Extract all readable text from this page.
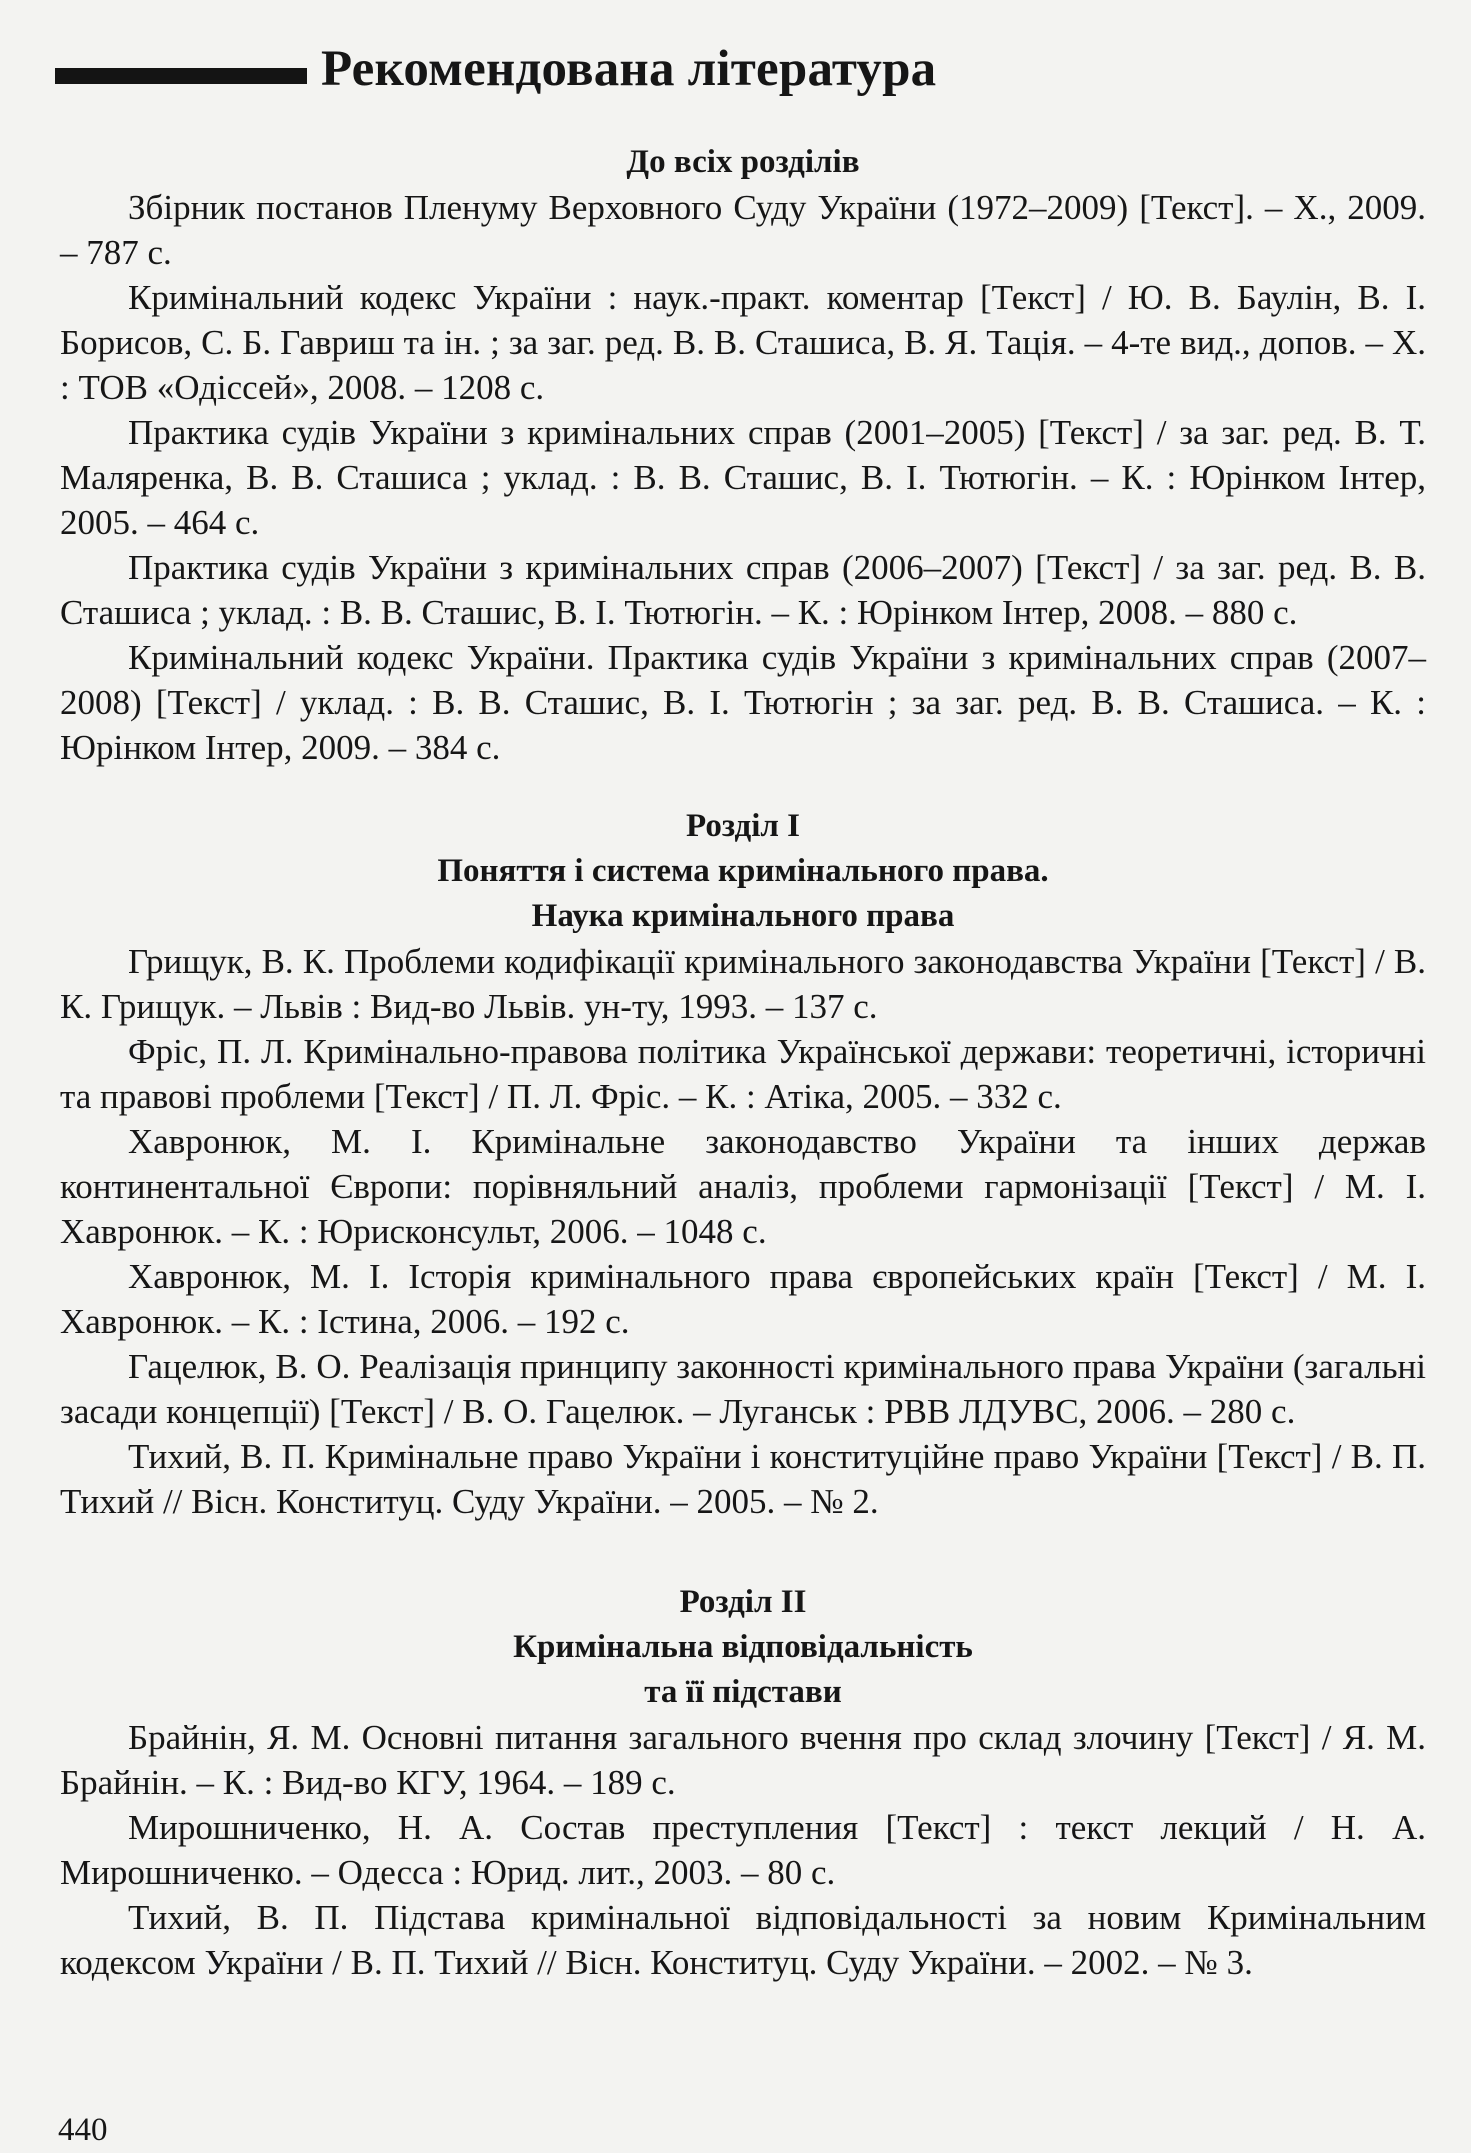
Рекомендована література
До всіх розділів

Збірник постанов Пленуму Верховного Суду України (1972–2009) [Текст]. – Х., 2009. – 787 с.

Кримінальний кодекс України : наук.-практ. коментар [Текст] / Ю. В. Баулін, В. І. Борисов, С. Б. Гавриш та ін. ; за заг. ред. В. В. Сташиса, В. Я. Тація. – 4-те вид., допов. – Х. : ТОВ «Одіссей», 2008. – 1208 с.

Практика судів України з кримінальних справ (2001–2005) [Текст] / за заг. ред. В. Т. Маляренка, В. В. Сташиса ; уклад. : В. В. Сташис, В. І. Тютюгін. – К. : Юрінком Інтер, 2005. – 464 с.

Практика судів України з кримінальних справ (2006–2007) [Текст] / за заг. ред. В. В. Сташиса ; уклад. : В. В. Сташис, В. І. Тютюгін. – К. : Юрінком Інтер, 2008. – 880 с.

Кримінальний кодекс України. Практика судів України з кримінальних справ (2007–2008) [Текст] / уклад. : В. В. Сташис, В. І. Тютюгін ; за заг. ред. В. В. Сташиса. – К. : Юрінком Інтер, 2009. – 384 с.

Розділ І
Поняття і система кримінального права.
Наука кримінального права

Грищук, В. К. Проблеми кодифікації кримінального законодавства України [Текст] / В. К. Грищук. – Львів : Вид-во Львів. ун-ту, 1993. – 137 с.

Фріс, П. Л. Кримінально-правова політика Української держави: теоретичні, історичні та правові проблеми [Текст] / П. Л. Фріс. – К. : Атіка, 2005. – 332 с.

Хавронюк, М. І. Кримінальне законодавство України та інших держав континентальної Європи: порівняльний аналіз, проблеми гармонізації [Текст] / М. І. Хавронюк. – К. : Юрисконсульт, 2006. – 1048 с.

Хавронюк, М. І. Історія кримінального права європейських країн [Текст] / М. І. Хавронюк. – К. : Істина, 2006. – 192 с.

Гацелюк, В. О. Реалізація принципу законності кримінального права України (загальні засади концепції) [Текст] / В. О. Гацелюк. – Луганськ : РВВ ЛДУВС, 2006. – 280 с.

Тихий, В. П. Кримінальне право України і конституційне право України [Текст] / В. П. Тихий // Вісн. Конституц. Суду України. – 2005. – № 2.

Розділ ІІ
Кримінальна відповідальність
та її підстави

Брайнін, Я. М. Основні питання загального вчення про склад злочину [Текст] / Я. М. Брайнін. – К. : Вид-во КГУ, 1964. – 189 с.

Мирошниченко, Н. А. Состав преступления [Текст] : текст лекций / Н. А. Мирошниченко. – Одесса : Юрид. лит., 2003. – 80 с.

Тихий, В. П. Підстава кримінальної відповідальності за новим Кримінальним кодексом України / В. П. Тихий // Вісн. Конституц. Суду України. – 2002. – № 3.

440
